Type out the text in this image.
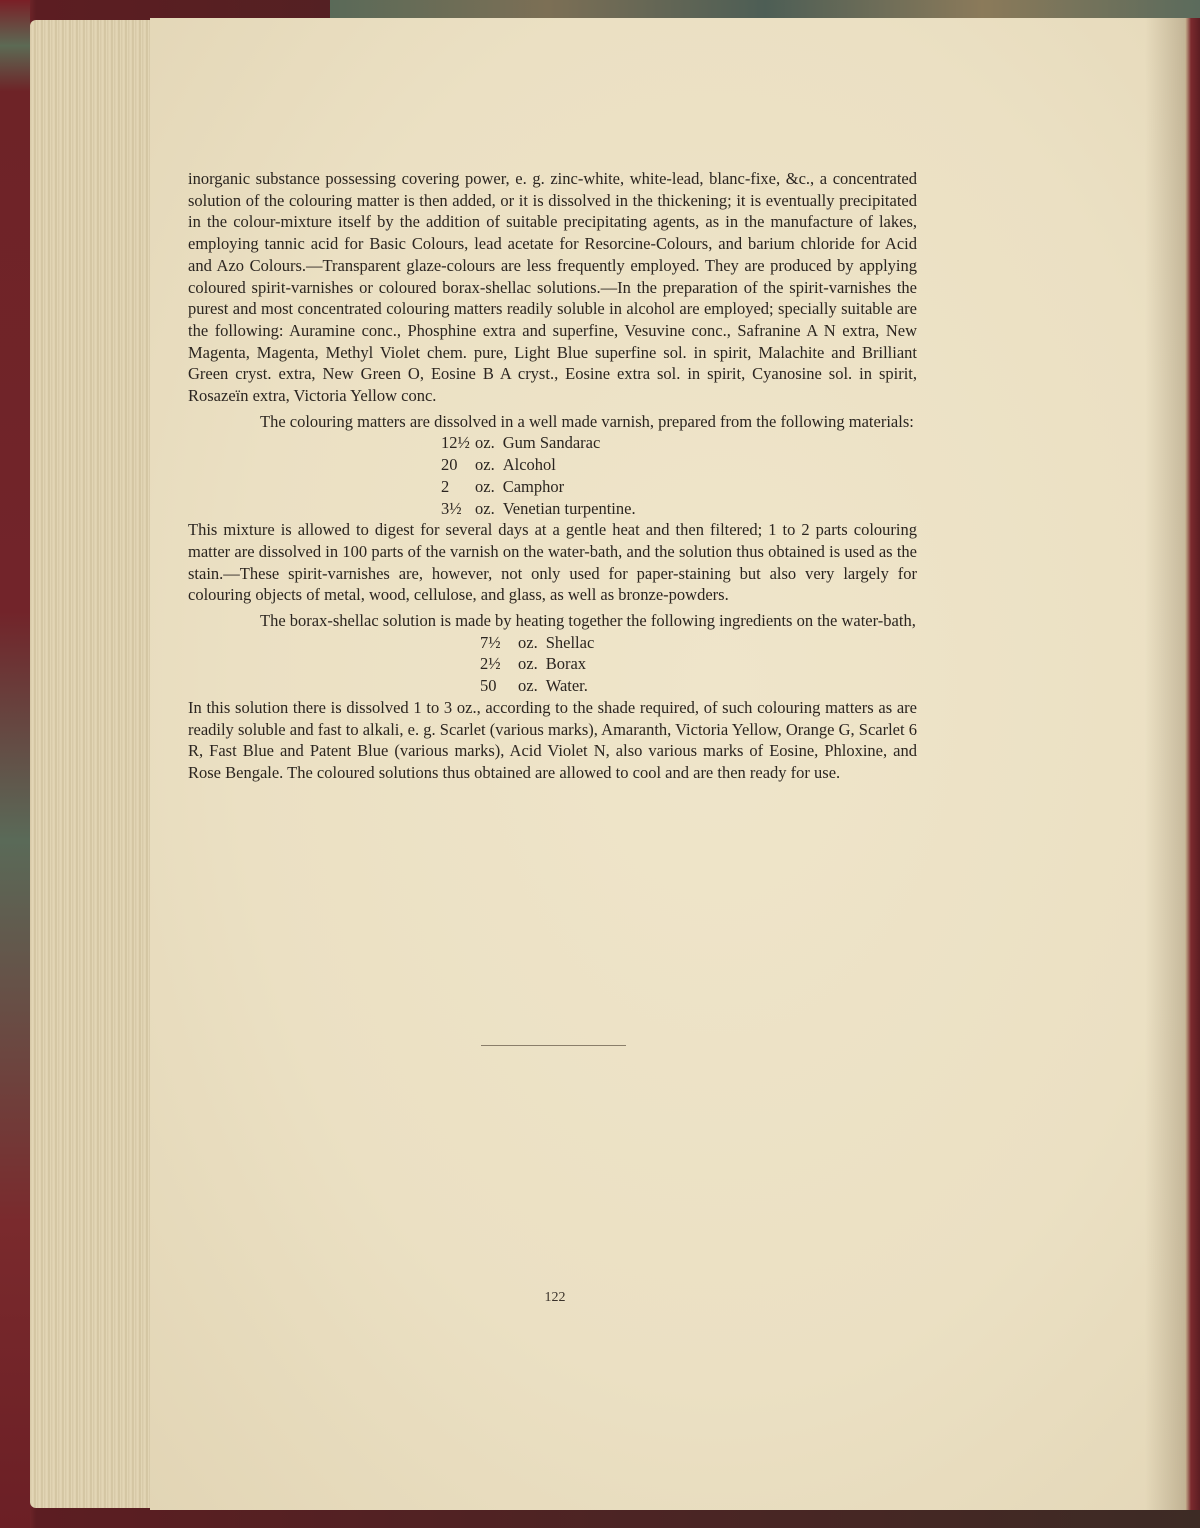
inorganic substance possessing covering power, e. g. zinc-white, white-lead, blanc-fixe, &c., a concentrated solution of the colouring matter is then added, or it is dissolved in the thickening; it is eventually precipitated in the colour-mixture itself by the addition of suitable precipitating agents, as in the manufacture of lakes, employing tannic acid for Basic Colours, lead acetate for Resorcine-Colours, and barium chloride for Acid and Azo Colours.—Transparent glaze-colours are less frequently employed. They are produced by applying coloured spirit-varnishes or coloured borax-shellac solutions.—In the preparation of the spirit-varnishes the purest and most concentrated colouring matters readily soluble in alcohol are employed; specially suitable are the following: Auramine conc., Phosphine extra and superfine, Vesuvine conc., Safranine A N extra, New Magenta, Magenta, Methyl Violet chem. pure, Light Blue superfine sol. in spirit, Malachite and Brilliant Green cryst. extra, New Green O, Eosine B A cryst., Eosine extra sol. in spirit, Cyanosine sol. in spirit, Rosazeïn extra, Victoria Yellow conc.

The colouring matters are dissolved in a well made varnish, prepared from the following materials:

12½ oz. Gum Sandarac
20	oz. Alcohol
2	oz. Camphor
3½ oz. Venetian turpentine.

This mixture is allowed to digest for several days at a gentle heat and then filtered; 1 to 2 parts colouring matter are dissolved in 100 parts of the varnish on the water-bath, and the solution thus obtained is used as the stain.—These spirit-varnishes are, however, not only used for paper-staining but also very largely for colouring objects of metal, wood, cellulose, and glass, as well as bronze-powders.

The borax-shellac solution is made by heating together the following ingredients on the water-bath,

7½	oz. Shellac
2½	oz. Borax
50	oz. Water.

In this solution there is dissolved 1 to 3 oz., according to the shade required, of such colouring matters as are readily soluble and fast to alkali, e. g. Scarlet (various marks), Amaranth, Victoria Yellow, Orange G, Scarlet 6 R, Fast Blue and Patent Blue (various marks), Acid Violet N, also various marks of Eosine, Phloxine, and Rose Bengale. The coloured solutions thus obtained are allowed to cool and are then ready for use.

122
